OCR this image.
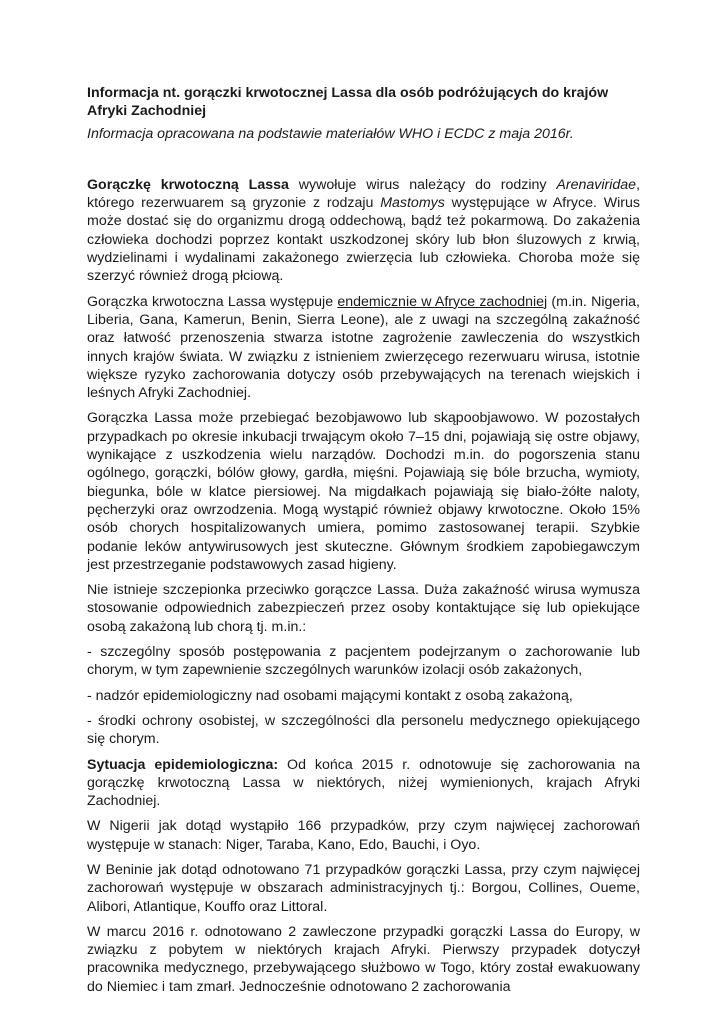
Informacja nt. gorączki krwotocznej Lassa dla osób podróżujących do krajów Afryki Zachodniej
Informacja opracowana na podstawie materiałów WHO i ECDC z maja 2016r.

Gorączkę krwotoczną Lassa wywołuje wirus należący do rodziny Arenaviridae, którego rezerwuarem są gryzonie z rodzaju Mastomys występujące w Afryce. Wirus może dostać się do organizmu drogą oddechową, bądź też pokarmową. Do zakażenia człowieka dochodzi poprzez kontakt uszkodzonej skóry lub błon śluzowych z krwią, wydzielinami i wydalinami zakażonego zwierzęcia lub człowieka. Choroba może się szerzyć również drogą płciową.

Gorączka krwotoczna Lassa występuje endemicznie w Afryce zachodniej (m.in. Nigeria, Liberia, Gana, Kamerun, Benin, Sierra Leone), ale z uwagi na szczególną zakaźność oraz łatwość przenoszenia stwarza istotne zagrożenie zawleczenia do wszystkich innych krajów świata. W związku z istnieniem zwierzęcego rezerwuaru wirusa, istotnie większe ryzyko zachorowania dotyczy osób przebywających na terenach wiejskich i leśnych Afryki Zachodniej.

Gorączka Lassa może przebiegać bezobjawowo lub skąpoobjawowo. W pozostałych przypadkach po okresie inkubacji trwającym około 7–15 dni, pojawiają się ostre objawy, wynikające z uszkodzenia wielu narządów. Dochodzi m.in. do pogorszenia stanu ogólnego, gorączki, bólów głowy, gardła, mięśni. Pojawiają się bóle brzucha, wymioty, biegunka, bóle w klatce piersiowej. Na migdałkach pojawiają się biało-żółte naloty, pęcherzyki oraz owrzodzenia. Mogą wystąpić również objawy krwotoczne. Około 15% osób chorych hospitalizowanych umiera, pomimo zastosowanej terapii. Szybkie podanie leków antywirusowych jest skuteczne. Głównym środkiem zapobiegawczym jest przestrzeganie podstawowych zasad higieny.

Nie istnieje szczepionka przeciwko gorączce Lassa. Duża zakaźność wirusa wymusza stosowanie odpowiednich zabezpieczeń przez osoby kontaktujące się lub opiekujące osobą zakażoną lub chorą tj. m.in.:

- szczególny sposób postępowania z pacjentem podejrzanym o zachorowanie lub chorym, w tym zapewnienie szczególnych warunków izolacji osób zakażonych,

- nadzór epidemiologiczny nad osobami mającymi kontakt z osobą zakażoną,

- środki ochrony osobistej, w szczególności dla personelu medycznego opiekującego się chorym.

Sytuacja epidemiologiczna: Od końca 2015 r. odnotowuje się zachorowania na gorączkę krwotoczną Lassa w niektórych, niżej wymienionych, krajach Afryki Zachodniej.

W Nigerii jak dotąd wystąpiło 166 przypadków, przy czym najwięcej zachorowań występuje w stanach: Niger, Taraba, Kano, Edo, Bauchi, i Oyo.

W Beninie jak dotąd odnotowano 71 przypadków gorączki Lassa, przy czym najwięcej zachorowań występuje w obszarach administracyjnych tj.: Borgou, Collines, Oueme, Alibori, Atlantique, Kouffo oraz Littoral.

W marcu 2016 r. odnotowano 2 zawleczone przypadki gorączki Lassa do Europy, w związku z pobytem w niektórych krajach Afryki. Pierwszy przypadek dotyczył pracownika medycznego, przebywającego służbowo w Togo, który został ewakuowany do Niemiec i tam zmarł. Jednocześnie odnotowano 2 zachorowania
